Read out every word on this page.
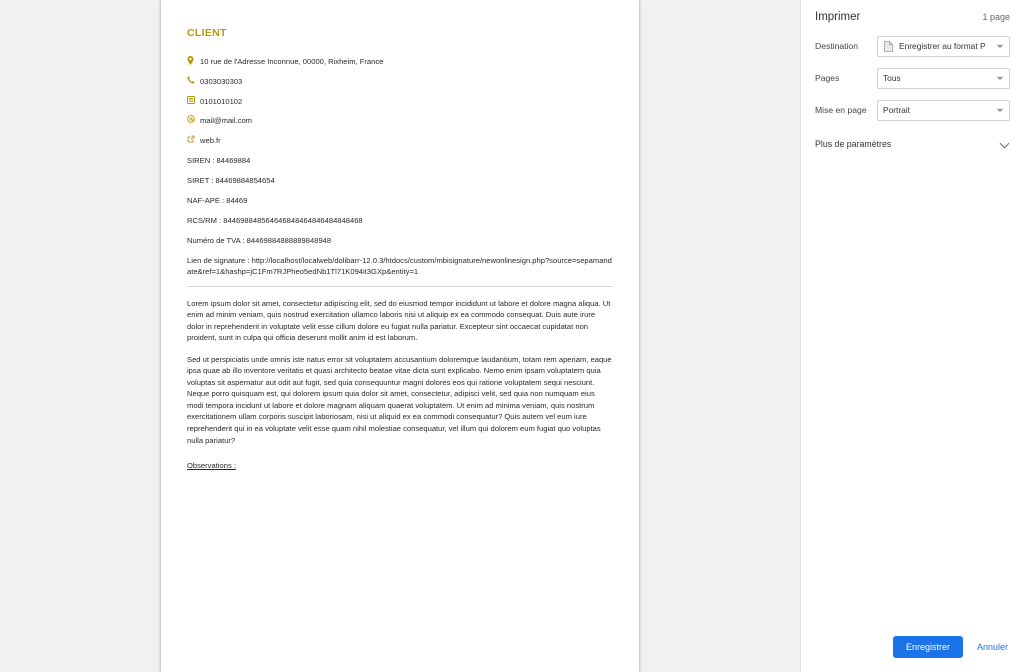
CLIENT
10 rue de l'Adresse Inconnue, 00000, Rixheim, France
0303030303
0101010102
mail@mail.com
web.fr
SIREN : 84469884
SIRET : 84469884854654
NAF-APE : 84469
RCS/RM : 844698848564646848464846484848468
Numéro de TVA : 84469884888889848948
Lien de signature : http://localhost/localweb/dolibarr-12.0.3/htdocs/custom/mbisignature/newonlinesign.php?source=sepamandate&ref=1&hashp=jC1Fm7RJPheo5edNb1Tl71K094it3GXp&entity=1
Lorem ipsum dolor sit amet, consectetur adipiscing elit, sed do eiusmod tempor incididunt ut labore et dolore magna aliqua. Ut enim ad minim veniam, quis nostrud exercitation ullamco laboris nisi ut aliquip ex ea commodo consequat. Duis aute irure dolor in reprehenderit in voluptate velit esse cillum dolore eu fugiat nulla pariatur. Excepteur sint occaecat cupidatat non proident, sunt in culpa qui officia deserunt mollit anim id est laborum.
Sed ut perspiciatis unde omnis iste natus error sit voluptatem accusantium doloremque laudantium, totam rem aperiam, eaque ipsa quae ab illo inventore veritatis et quasi architecto beatae vitae dicta sunt explicabo. Nemo enim ipsam voluptatem quia voluptas sit aspernatur aut odit aut fugit, sed quia consequuntur magni dolores eos qui ratione voluptatem sequi nesciunt. Neque porro quisquam est, qui dolorem ipsum quia dolor sit amet, consectetur, adipisci velit, sed quia non numquam eius modi tempora incidunt ut labore et dolore magnam aliquam quaerat voluptatem. Ut enim ad minima veniam, quis nostrum exercitationem ullam corporis suscipit laboriosam, nisi ut aliquid ex ea commodi consequatur? Quis autem vel eum iure reprehenderit qui in ea voluptate velit esse quam nihil molestiae consequatur, vel illum qui dolorem eum fugiat quo voluptas nulla pariatur?
Observations :
Imprimer	1 page
Destination	Enregistrer au format P
Pages	Tous
Mise en page	Portrait
Plus de paramètres
Enregistrer	Annuler
